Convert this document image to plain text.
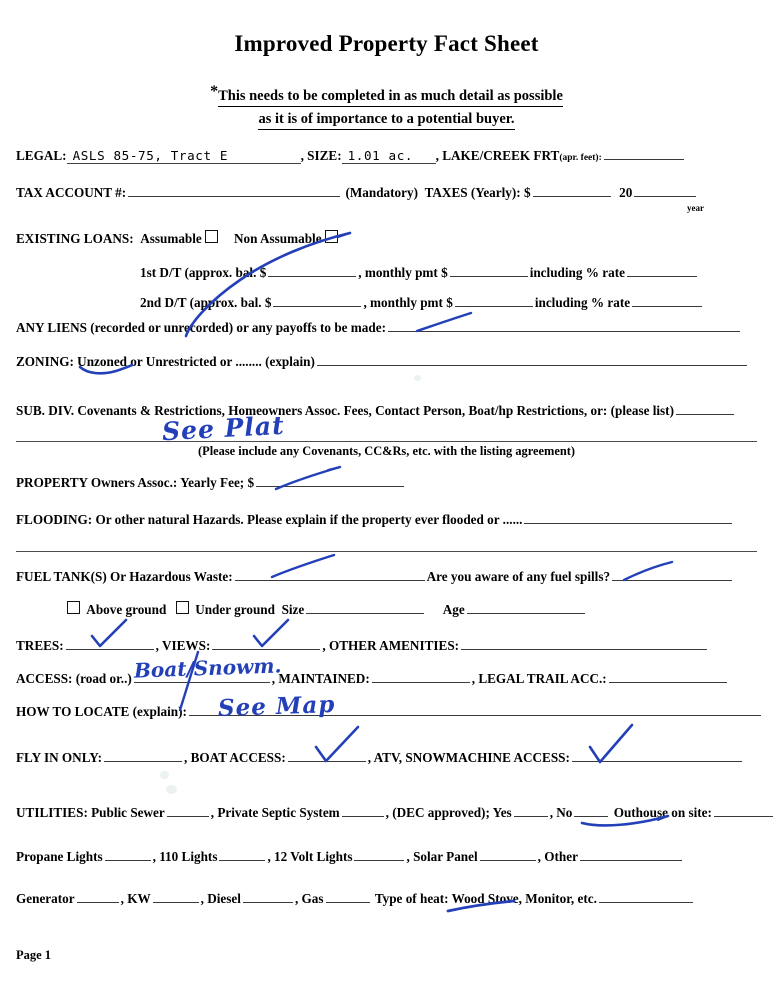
Improved Property Fact Sheet
*This needs to be completed in as much detail as possible
as it is of importance to a potential buyer.
LEGAL: ASLS 85-75, Tract E	,
SIZE: 1.01 ac.	,
LAKE/CREEK FRT (apr. feet):
TAX ACCOUNT #:
	(Mandatory)
TAXES (Yearly): $
	20
year
EXISTING LOANS:
Assumable
Non Assumable
1st D/T (approx. bal. $	,
monthly pmt $	including % rate
2nd D/T (approx. bal. $	,
monthly pmt $	including % rate
ANY LIENS (recorded or unrecorded) or any payoffs to be made:
ZONING: Unzoned or Unrestricted or ........ (explain)
SUB. DIV. Covenants & Restrictions, Homeowners Assoc. Fees, Contact Person, Boat/hp Restrictions, or: (please list)
(Please include any Covenants, CC&Rs, etc. with the listing agreement)
PROPERTY Owners Assoc.: Yearly Fee; $
FLOODING: Or other natural Hazards. Please explain if the property ever flooded or ......
FUEL TANK(S) Or Hazardous Waste:	Are you aware of any fuel spills?

Above ground

Under ground
Size
	Age
TREES:	, VIEWS:	, OTHER AMENITIES:
ACCESS: (road or..)	, MAINTAINED:	, LEGAL TRAIL ACC.:
HOW TO LOCATE (explain):
FLY IN ONLY:	, BOAT ACCESS:	, ATV, SNOWMACHINE ACCESS:
UTILITIES: Public Sewer	, Private Septic System	, (DEC approved); Yes	, No
	Outhouse on site:
Propane Lights	, 110 Lights	, 12 Volt Lights	, Solar Panel	, Other
Generator	, KW	, Diesel	, Gas
	Type of heat: Wood Stove, Monitor, etc.
Page 1
See Plat
Boat/Snowm.
See Map
